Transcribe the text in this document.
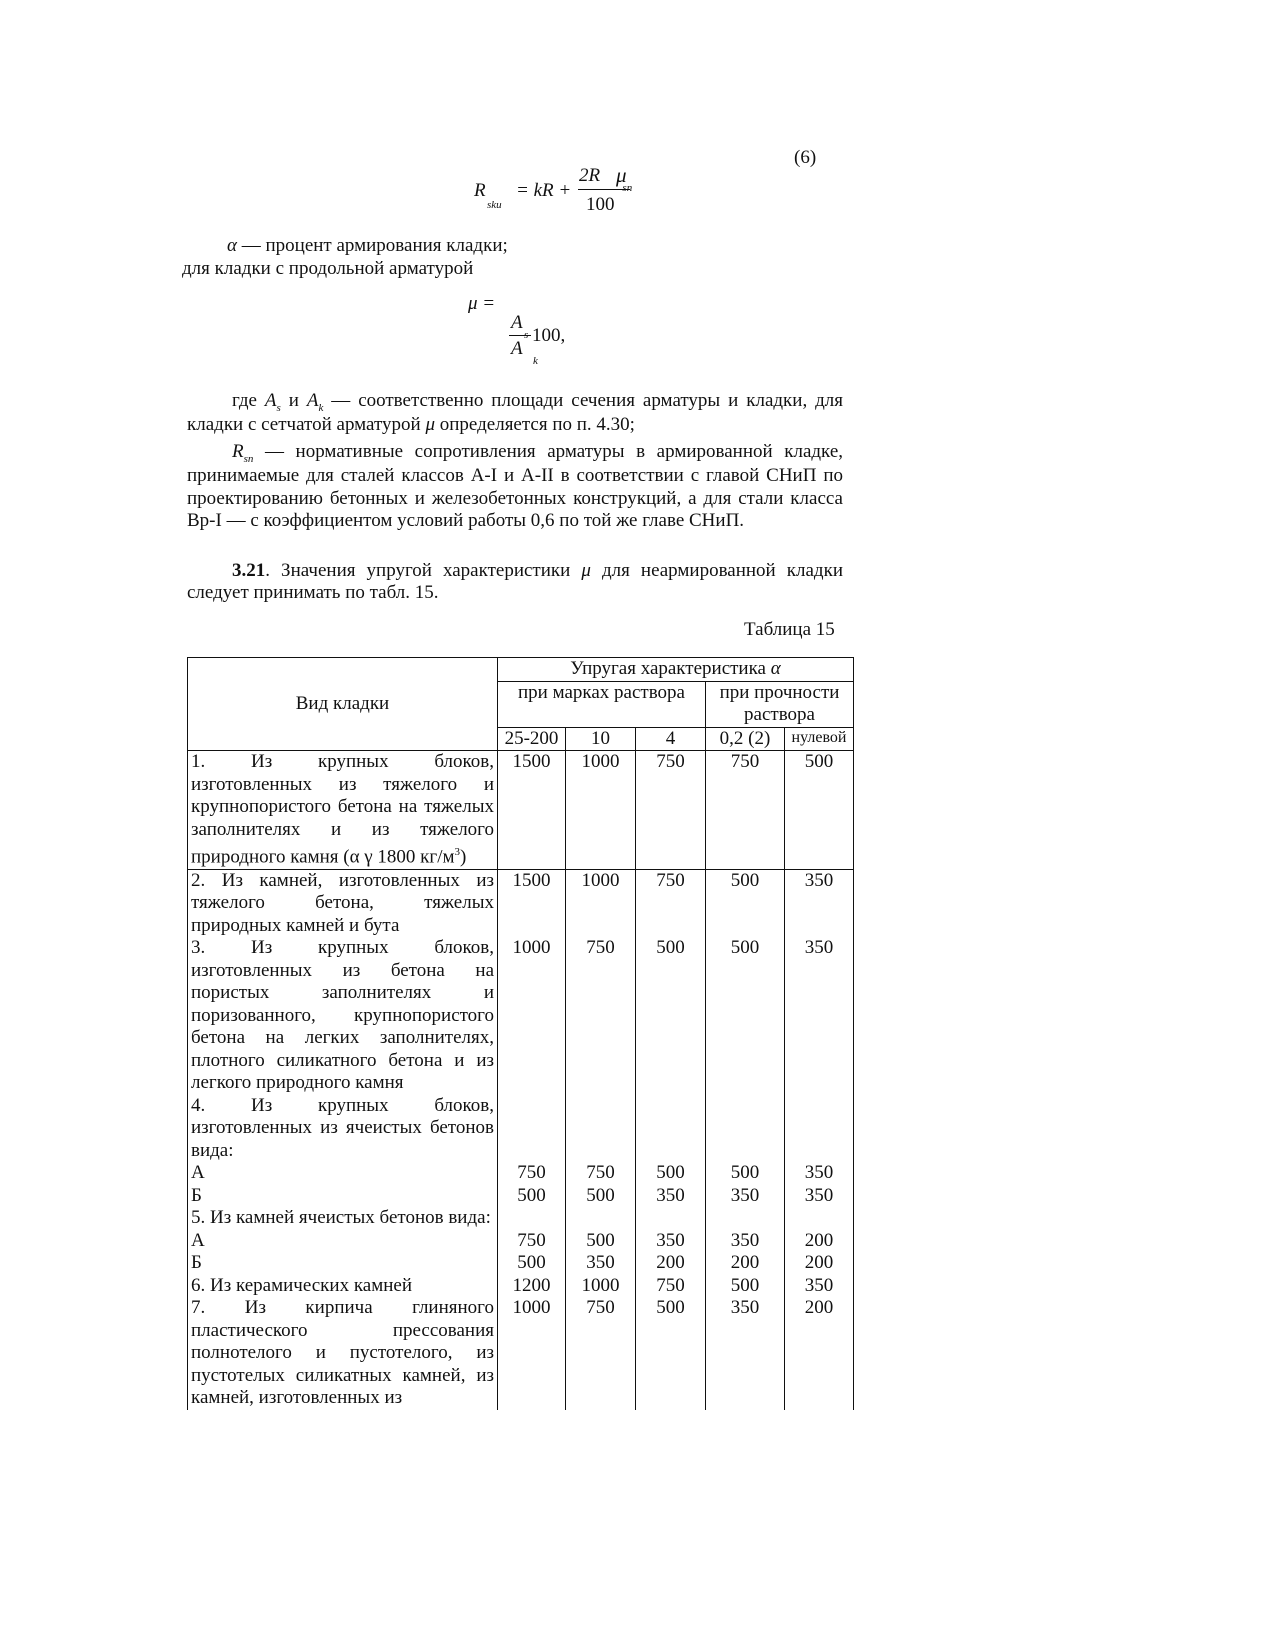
(6)
R
$_{sku}$
= kR +
2R
$_{sn}$
μ
100
α — процент армирования кладки;
для кладки с продольной арматурой
μ =
A
$_s$ 100,
A
$_k$
где $A_s$ и $A_k$ — соответственно площади сечения арматуры и кладки, для кладки с сетчатой арматурой μ определяется по п. 4.30;
$R_{sn}$ — нормативные сопротивления арматуры в армированной кладке, принимаемые для сталей классов А-I и А-II в соответствии с главой СНиП по проектированию бетонных и железобетонных конструкций, а для стали класса Вр-I — с коэффициентом условий работы 0,6 по той же главе СНиП.
3.21. Значения упругой характеристики μ для неармированной кладки следует принимать по табл. 15.
Таблица 15
Вид кладки	Упругая характеристика α				
	при марках раствора			при прочности раствора	
	25-200	10	4	0,2 (2)	нулевой
1. Из крупных блоков, изготовленных из тяжелого и крупнопористого бетона на тяжелых заполнителях и из тяжелого природного камня (α γ 1800 $кг/м^3$)	1500	1000	750	750	500
2. Из камней, изготовленных из тяжелого бетона, тяжелых природных камней и бута	1500	1000	750	500	350
3. Из крупных блоков, изготовленных из бетона на пористых заполнителях и поризованного, крупнопористого бетона на легких заполнителях, плотного силикатного бетона и из легкого природного камня	1000	750	500	500	350
4. Из крупных блоков, изготовленных из ячеистых бетонов вида:					
А	750	750	500	500	350
Б	500	500	350	350	350
5. Из камней ячеистых бетонов вида:					
А	750	500	350	350	200
Б	500	350	200	200	200
6. Из керамических камней	1200	1000	750	500	350
7. Из кирпича глиняного пластического прессования полнотелого и пустотелого, из пустотелых силикатных камней, из камней, изготовленных из	1000	750	500	350	200
